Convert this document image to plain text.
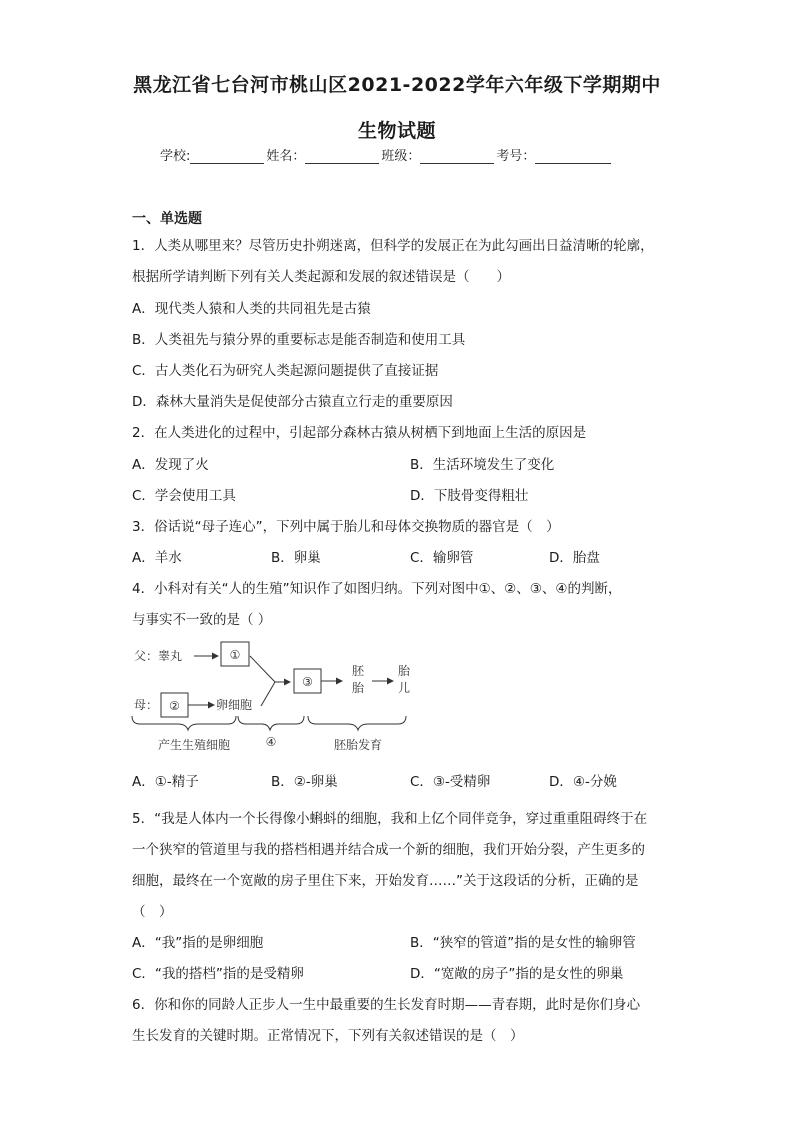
黑龙江省七台河市桃山区2021-2022学年六年级下学期期中
生物试题
学校:	姓名：	班级：	考号：
一、单选题
1．人类从哪里来？尽管历史扑朔迷离，但科学的发展正在为此勾画出日益清晰的轮廓，
根据所学请判断下列有关人类起源和发展的叙述错误是（　　）
A．现代类人猿和人类的共同祖先是古猿
B．人类祖先与猿分界的重要标志是能否制造和使用工具
C．古人类化石为研究人类起源问题提供了直接证据
D．森林大量消失是促使部分古猿直立行走的重要原因
2．在人类进化的过程中，引起部分森林古猿从树栖下到地面上生活的原因是
A．发现了火	B．生活环境发生了变化
C．学会使用工具	D．下肢骨变得粗壮
3．俗话说“母子连心”，下列中属于胎儿和母体交换物质的器官是（　）
A．羊水	B．卵巢	C．输卵管	D．胎盘
4．小科对有关“人的生殖”知识作了如图归纳。下列对图中①、②、③、④的判断，
与事实不一致的是（ ）
父：睾丸	①
③
胚
胎
胎
儿
母： ②	卵细胞
产生生殖细胞	④	胚胎发育
A．①-精子	B．②-卵巢	C．③-受精卵	D．④-分娩
5．“我是人体内一个长得像小蝌蚪的细胞，我和上亿个同伴竞争，穿过重重阻碍终于在
一个狭窄的管道里与我的搭档相遇并结合成一个新的细胞，我们开始分裂，产生更多的
细胞，最终在一个宽敞的房子里住下来，开始发育……”关于这段话的分析，正确的是
（　）
A．“我”指的是卵细胞	B．“狭窄的管道”指的是女性的输卵管
C．“我的搭档”指的是受精卵	D．“宽敞的房子”指的是女性的卵巢
6．你和你的同龄人正步人一生中最重要的生长发育时期——青春期，此时是你们身心
生长发育的关键时期。正常情况下，下列有关叙述错误的是（　）
